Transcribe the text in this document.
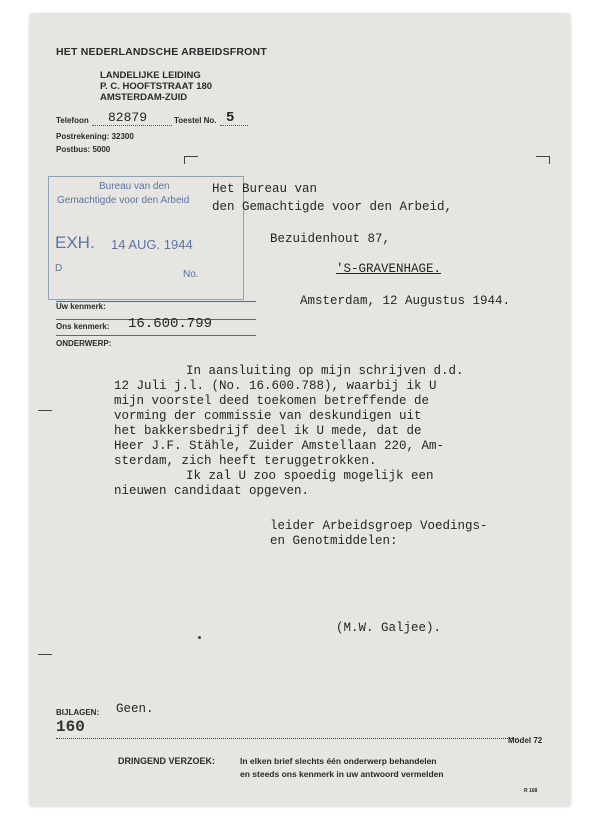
HET NEDERLANDSCHE ARBEIDSFRONT
LANDELIJKE LEIDING
P. C. HOOFTSTRAAT 180
AMSTERDAM-ZUID
Telefoon 82879	Toestel No. 5
Postrekening: 32300
Postbus: 5000
Bureau van den
Gemachtigde voor den Arbeid
EXH. 14 AUG. 1944
D
No.
Het Bureau van
den Gemachtigde voor den Arbeid,
Bezuidenhout 87,
'S-GRAVENHAGE.
Amsterdam, 12 Augustus 1944.
Uw kenmerk:
Ons kenmerk: 16.600.799
ONDERWERP:
In aansluiting op mijn schrijven d.d.
12 Juli j.l. (No. 16.600.788), waarbij ik U
mijn voorstel deed toekomen betreffende de
vorming der commissie van deskundigen uit
het bakkersbedrijf deel ik U mede, dat de
Heer J.F. Stähle, Zuider Amstellaan 220, Am-
sterdam, zich heeft teruggetrokken.
Ik zal U zoo spoedig mogelijk een
nieuwen candidaat opgeven.
leider Arbeidsgroep Voedings-
en Genotmiddelen:
(M.W. Galjee).
BIJLAGEN: Geen.
160
Model 72
DRINGEND VERZOEK:	In elken brief slechts één onderwerp behandelen
en steeds ons kenmerk in uw antwoord vermelden
R 168
